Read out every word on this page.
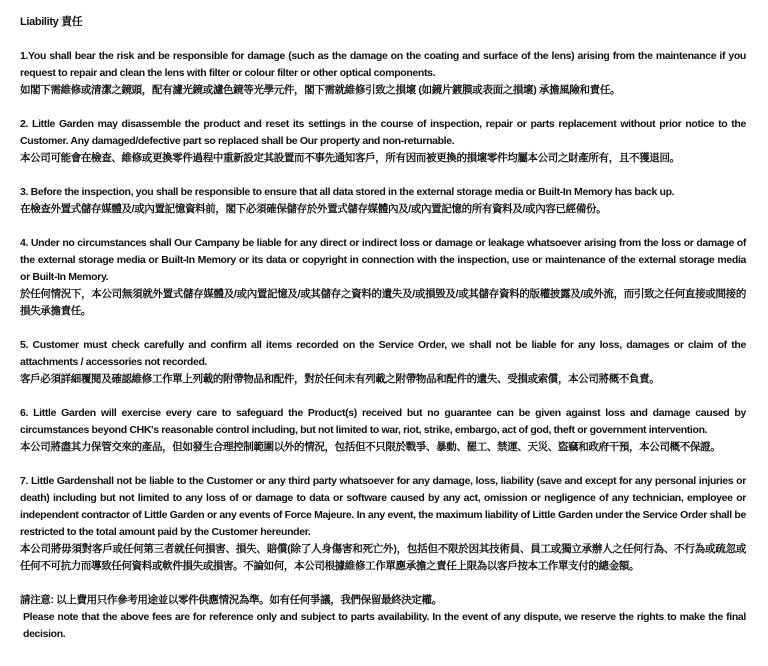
Liability 責任

1.You shall bear the risk and be responsible for damage (such as the damage on the coating and surface of the lens) arising from the maintenance if you request to repair and clean the lens with filter or colour filter or other optical components.
如閣下需維修或清潔之鏡頭，配有濾光鏡或濾色鏡等光學元件，閣下需就維修引致之損壞 (如鏡片鍍膜或表面之損壞) 承擔風險和責任。

2. Little Garden may disassemble the product and reset its settings in the course of inspection, repair or parts replacement without prior notice to the Customer. Any damaged/defective part so replaced shall be Our property and non-returnable.
本公司可能會在檢查、維修或更換零件過程中重新設定其設置而不事先通知客戶，所有因而被更換的損壞零件均屬本公司之財產所有，且不獲退回。

3. Before the inspection, you shall be responsible to ensure that all data stored in the external storage media or Built-In Memory has back up.
在檢查外置式儲存媒體及/或內置記憶資料前，閣下必須確保儲存於外置式儲存媒體內及/或內置記憶的所有資料及/或內容已經備份。

4. Under no circumstances shall Our Campany be liable for any direct or indirect loss or damage or leakage whatsoever arising from the loss or damage of the external storage media or Built-In Memory or its data or copyright in connection with the inspection, use or maintenance of the external storage media or Built-In Memory.
於任何情況下，本公司無須就外置式儲存媒體及/或內置記憶及/或其儲存之資料的遺失及/或損毀及/或其儲存資料的版權披露及/或外流，而引致之任何直接或間接的損失承擔責任。

5. Customer must check carefully and confirm all items recorded on the Service Order, we shall not be liable for any loss, damages or claim of the attachments / accessories not recorded.
客戶必須詳細覆閱及確認維修工作單上列載的附帶物品和配件，對於任何未有列載之附帶物品和配件的遺失、受損或索償，本公司將概不負責。

6. Little Garden will exercise every care to safeguard the Product(s) received but no guarantee can be given against loss and damage caused by circumstances beyond CHK's reasonable control including, but not limited to war, riot, strike, embargo, act of god, theft or government intervention.
本公司將盡其力保管交來的產品，但如發生合理控制範圍以外的情況，包括但不只限於戰爭、暴動、罷工、禁運、天災、盜竊和政府干預，本公司概不保證。

7. Little Gardenshall not be liable to the Customer or any third party whatsoever for any damage, loss, liability (save and except for any personal injuries or death) including but not limited to any loss of or damage to data or software caused by any act, omission or negligence of any technician, employee or independent contractor of Little Garden or any events of Force Majeure. In any event, the maximum liability of Little Garden under the Service Order shall be restricted to the total amount paid by the Customer hereunder.
本公司將毋須對客戶或任何第三者就任何損害、損失、賠償(除了人身傷害和死亡外)，包括但不限於因其技術員、員工或獨立承辦人之任何行為、不行為或疏忽或任何不可抗力而導致任何資料或軟件損失或損害。不論如何，本公司根據維修工作單應承擔之責任上限為以客戶按本工作單支付的總金額。

請注意: 以上費用只作參考用途並以零件供應情況為準。如有任何爭議，我們保留最終決定權。
Please note that the above fees are for reference only and subject to parts availability. In the event of any dispute, we reserve the rights to make the final decision.
